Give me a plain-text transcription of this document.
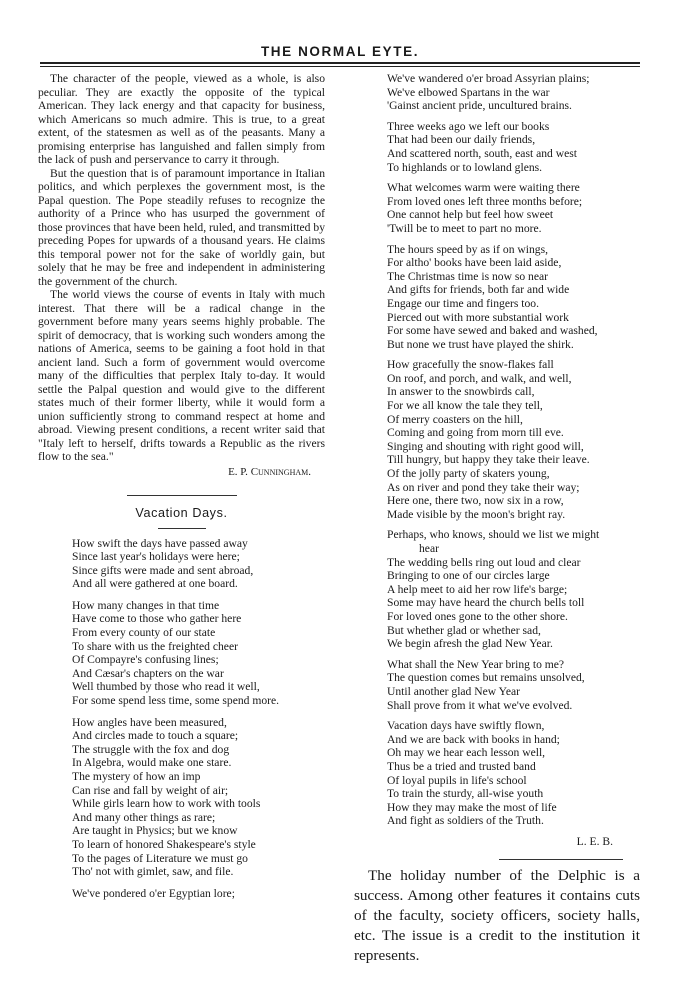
THE NORMAL EYTE.

The character of the people, viewed as a whole, is also peculiar. They are exactly the opposite of the typical American. They lack energy and that capacity for business, which Americans so much admire. This is true, to a great extent, of the statesmen as well as of the peasants. Many a promising enterprise has languished and fallen simply from the lack of push and perservance to carry it through.

But the question that is of paramount importance in Italian politics, and which perplexes the government most, is the Papal question. The Pope steadily refuses to recognize the authority of a Prince who has usurped the government of those provinces that have been held, ruled, and transmitted by preceding Popes for upwards of a thousand years. He claims this temporal power not for the sake of worldly gain, but solely that he may be free and independent in administering the government of the church.

The world views the course of events in Italy with much interest. That there will be a radical change in the government before many years seems highly probable. The spirit of democracy, that is working such wonders among the nations of America, seems to be gaining a foot hold in that ancient land. Such a form of government would overcome many of the difficulties that perplex Italy to-day. It would settle the Palpal question and would give to the different states much of their former liberty, while it would form a union sufficiently strong to command respect at home and abroad. Viewing present conditions, a recent writer said that "Italy left to herself, drifts towards a Republic as the rivers flow to the sea."

E. P. Cunningham.
Vacation Days.
How swift the days have passed away
Since last year's holidays were here;
Since gifts were made and sent abroad,
And all were gathered at one board.
How many changes in that time
Have come to those who gather here
From every county of our state
To share with us the freighted cheer
Of Compayre's confusing lines;
And Cæsar's chapters on the war
Well thumbed by those who read it well,
For some spend less time, some spend more.
How angles have been measured,
And circles made to touch a square;
The struggle with the fox and dog
In Algebra, would make one stare.
The mystery of how an imp
Can rise and fall by weight of air;
While girls learn how to work with tools
And many other things as rare;
Are taught in Physics; but we know
To learn of honored Shakespeare's style
To the pages of Literature we must go
Tho' not with gimlet, saw, and file.
We've pondered o'er Egyptian lore;
We've wandered o'er broad Assyrian plains;
We've elbowed Spartans in the war
'Gainst ancient pride, uncultured brains.
Three weeks ago we left our books
That had been our daily friends,
And scattered north, south, east and west
To highlands or to lowland glens.
What welcomes warm were waiting there
From loved ones left three months before;
One cannot help but feel how sweet
'Twill be to meet to part no more.
The hours speed by as if on wings,
For altho' books have been laid aside,
The Christmas time is now so near
And gifts for friends, both far and wide
Engage our time and fingers too.
Pierced out with more substantial work
For some have sewed and baked and washed,
But none we trust have played the shirk.
How gracefully the snow-flakes fall
On roof, and porch, and walk, and well,
In answer to the snowbirds call,
For we all know the tale they tell,
Of merry coasters on the hill,
Coming and going from morn till eve.
Singing and shouting with right good will,
Till hungry, but happy they take their leave.
Of the jolly party of skaters young,
As on river and pond they take their way;
Here one, there two, now six in a row,
Made visible by the moon's bright ray.
Perhaps, who knows, should we list we might
hear
The wedding bells ring out loud and clear
Bringing to one of our circles large
A help meet to aid her row life's barge;
Some may have heard the church bells toll
For loved ones gone to the other shore.
But whether glad or whether sad,
We begin afresh the glad New Year.
What shall the New Year bring to me?
The question comes but remains unsolved,
Until another glad New Year
Shall prove from it what we've evolved.
Vacation days have swiftly flown,
And we are back with books in hand;
Oh may we hear each lesson well,
Thus be a tried and trusted band
Of loyal pupils in life's school
To train the sturdy, all-wise youth
How they may make the most of life
And fight as soldiers of the Truth.
L. E. B.

The holiday number of the Delphic is a success. Among other features it contains cuts of the faculty, society officers, society halls, etc. The issue is a credit to the institution it represents.
